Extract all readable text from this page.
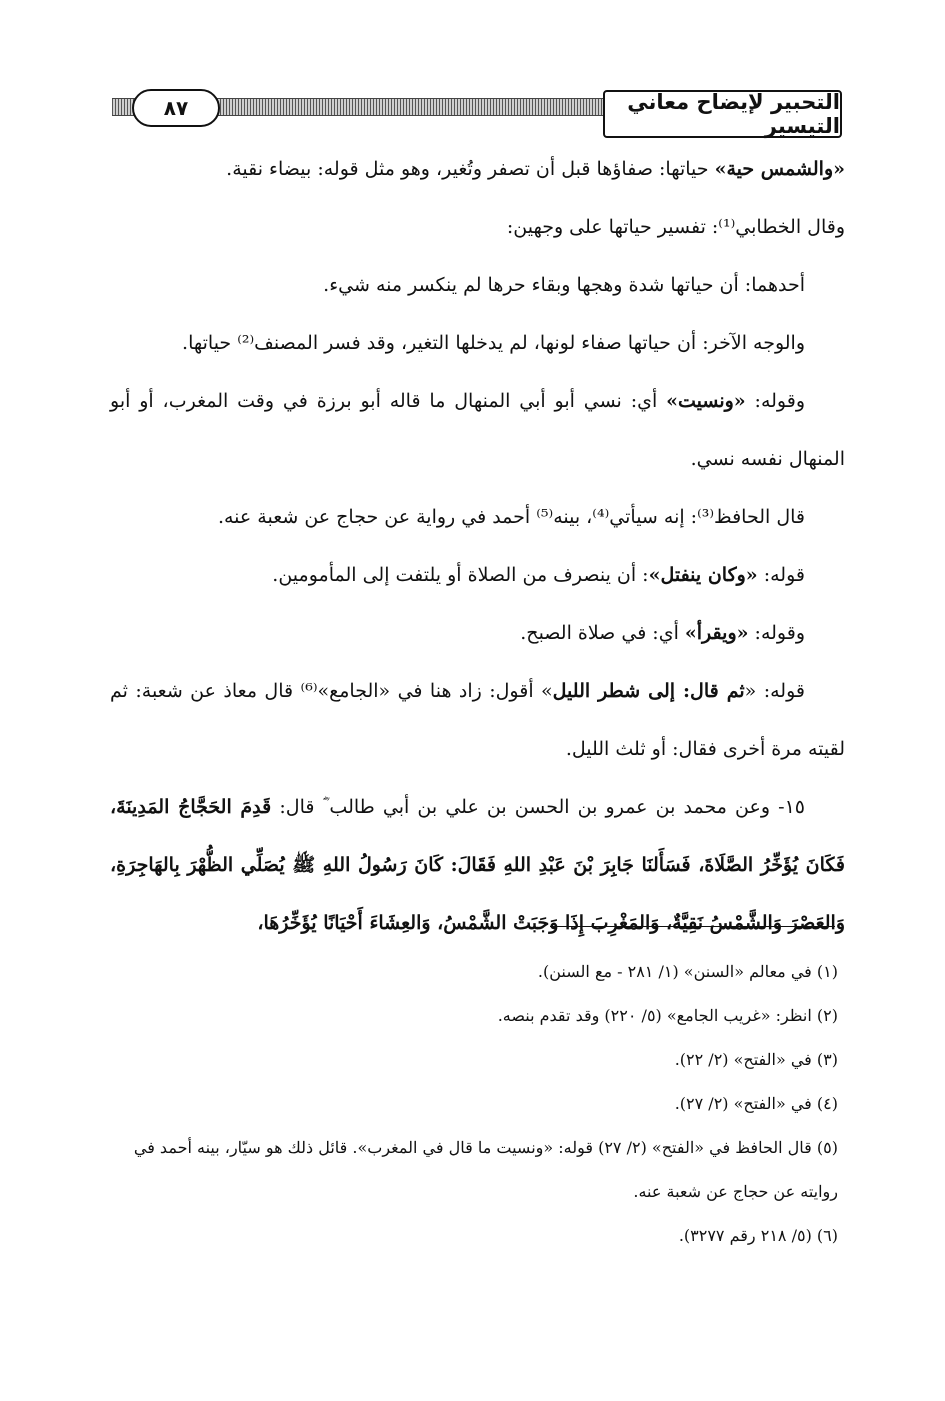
٨٧	التحبير لإيضاح معاني التيسير

«والشمس حية» حياتها: صفاؤها قبل أن تصفر وتُغير، وهو مثل قوله: بيضاء نقية.

وقال الخطابي⁽¹⁾: تفسير حياتها على وجهين:

أحدهما: أن حياتها شدة وهجها وبقاء حرها لم ينكسر منه شيء.

والوجه الآخر: أن حياتها صفاء لونها، لم يدخلها التغير، وقد فسر المصنف⁽²⁾ حياتها.

وقوله: «ونسيت» أي: نسي أبو أبي المنهال ما قاله أبو برزة في وقت المغرب، أو أبو المنهال نفسه نسي.

قال الحافظ⁽³⁾: إنه سيأتي⁽⁴⁾، بينه⁽⁵⁾ أحمد في رواية عن حجاج عن شعبة عنه.

قوله: «وكان ينفتل»: أن ينصرف من الصلاة أو يلتفت إلى المأمومين.

وقوله: «ويقرأ» أي: في صلاة الصبح.

قوله: «ثم قال: إلى شطر الليل» أقول: زاد هنا في «الجامع»⁽⁶⁾ قال معاذ عن شعبة: ثم لقيته مرة أخرى فقال: أو ثلث الليل.

١٥- وعن محمد بن عمرو بن الحسن بن علي بن أبي طالب ؓ قال: قَدِمَ الحَجَّاجُ المَدِينَةَ، فَكَانَ يُؤَخِّرُ الصَّلَاةَ، فَسَأَلنَا جَابِرَ بْنَ عَبْدِ اللهِ فَقَالَ: كَانَ رَسُولُ اللهِ ﷺ يُصَلِّي الظُّهْرَ بِالهَاجِرَةِ، وَالعَصْرَ وَالشَّمْسُ نَقِيَّةٌ، وَالمَغْرِبَ إِذَا وَجَبَتْ الشَّمْسُ، وَالعِشَاءَ أَحْيَانًا يُؤَخِّرُهَا،

(١) في معالم «السنن» (١/ ٢٨١ - مع السنن).

(٢) انظر: «غريب الجامع» (٥/ ٢٢٠) وقد تقدم بنصه.

(٣) في «الفتح» (٢/ ٢٢).

(٤) في «الفتح» (٢/ ٢٧).

(٥) قال الحافظ في «الفتح» (٢/ ٢٧) قوله: «ونسيت ما قال في المغرب». قائل ذلك هو سيّار، بينه أحمد في روايته عن حجاج عن شعبة عنه.

(٦) (٥/ ٢١٨ رقم ٣٢٧٧).
